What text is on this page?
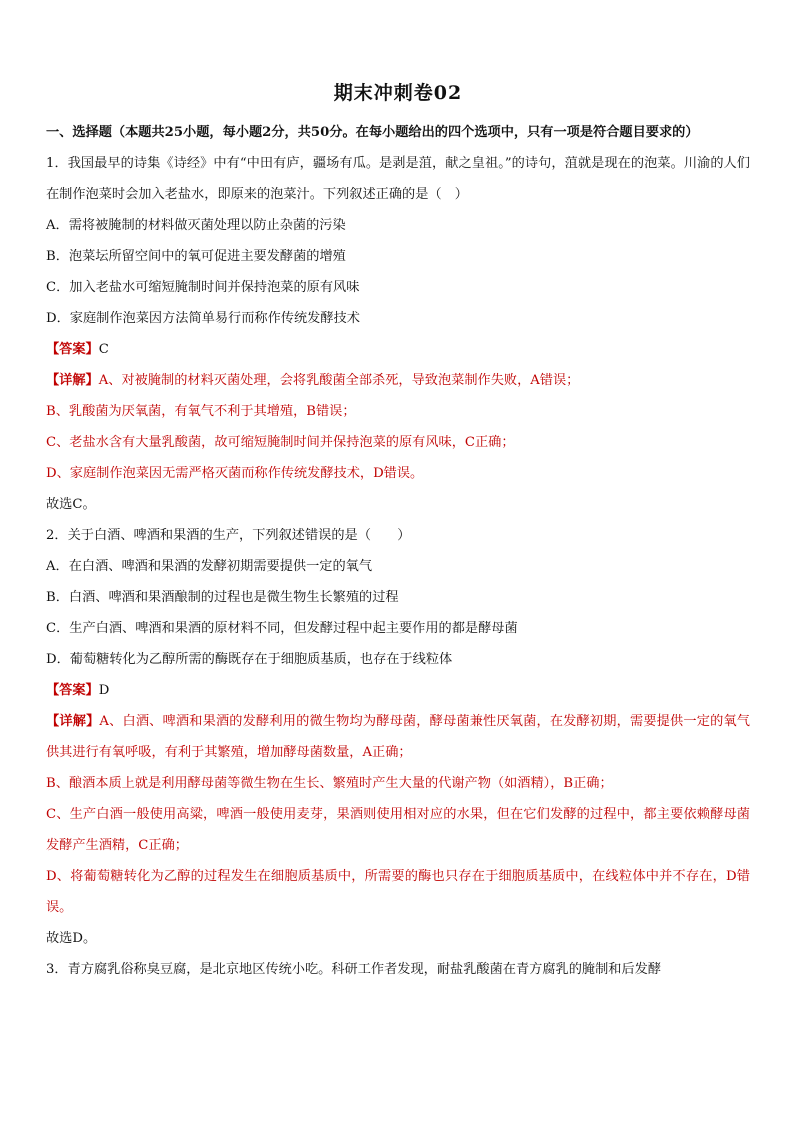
期末冲刺卷02

一、选择题（本题共25小题，每小题2分，共50分。在每小题给出的四个选项中，只有一项是符合题目要求的）

1．我国最早的诗集《诗经》中有“中田有庐，疆场有瓜。是剥是菹，献之皇祖。”的诗句，菹就是现在的泡菜。川渝的人们在制作泡菜时会加入老盐水，即原来的泡菜汁。下列叙述正确的是（　）

A．需将被腌制的材料做灭菌处理以防止杂菌的污染

B．泡菜坛所留空间中的氧可促进主要发酵菌的增殖

C．加入老盐水可缩短腌制时间并保持泡菜的原有风味

D．家庭制作泡菜因方法简单易行而称作传统发酵技术

【答案】C

【详解】A、对被腌制的材料灭菌处理，会将乳酸菌全部杀死，导致泡菜制作失败，A错误；

B、乳酸菌为厌氧菌，有氧气不利于其增殖，B错误；

C、老盐水含有大量乳酸菌，故可缩短腌制时间并保持泡菜的原有风味，C正确；

D、家庭制作泡菜因无需严格灭菌而称作传统发酵技术，D错误。

故选C。

2．关于白酒、啤酒和果酒的生产，下列叙述错误的是（　　）

A．在白酒、啤酒和果酒的发酵初期需要提供一定的氧气

B．白酒、啤酒和果酒酿制的过程也是微生物生长繁殖的过程

C．生产白酒、啤酒和果酒的原材料不同，但发酵过程中起主要作用的都是酵母菌

D．葡萄糖转化为乙醇所需的酶既存在于细胞质基质，也存在于线粒体

【答案】D

【详解】A、白酒、啤酒和果酒的发酵利用的微生物均为酵母菌，酵母菌兼性厌氧菌，在发酵初期，需要提供一定的氧气供其进行有氧呼吸，有利于其繁殖，增加酵母菌数量，A正确；

B、酿酒本质上就是利用酵母菌等微生物在生长、繁殖时产生大量的代谢产物（如酒精），B正确；

C、生产白酒一般使用高粱，啤酒一般使用麦芽，果酒则使用相对应的水果，但在它们发酵的过程中，都主要依赖酵母菌发酵产生酒精，C正确；

D、将葡萄糖转化为乙醇的过程发生在细胞质基质中，所需要的酶也只存在于细胞质基质中，在线粒体中并不存在，D错误。

故选D。

3．青方腐乳俗称臭豆腐，是北京地区传统小吃。科研工作者发现，耐盐乳酸菌在青方腐乳的腌制和后发酵
